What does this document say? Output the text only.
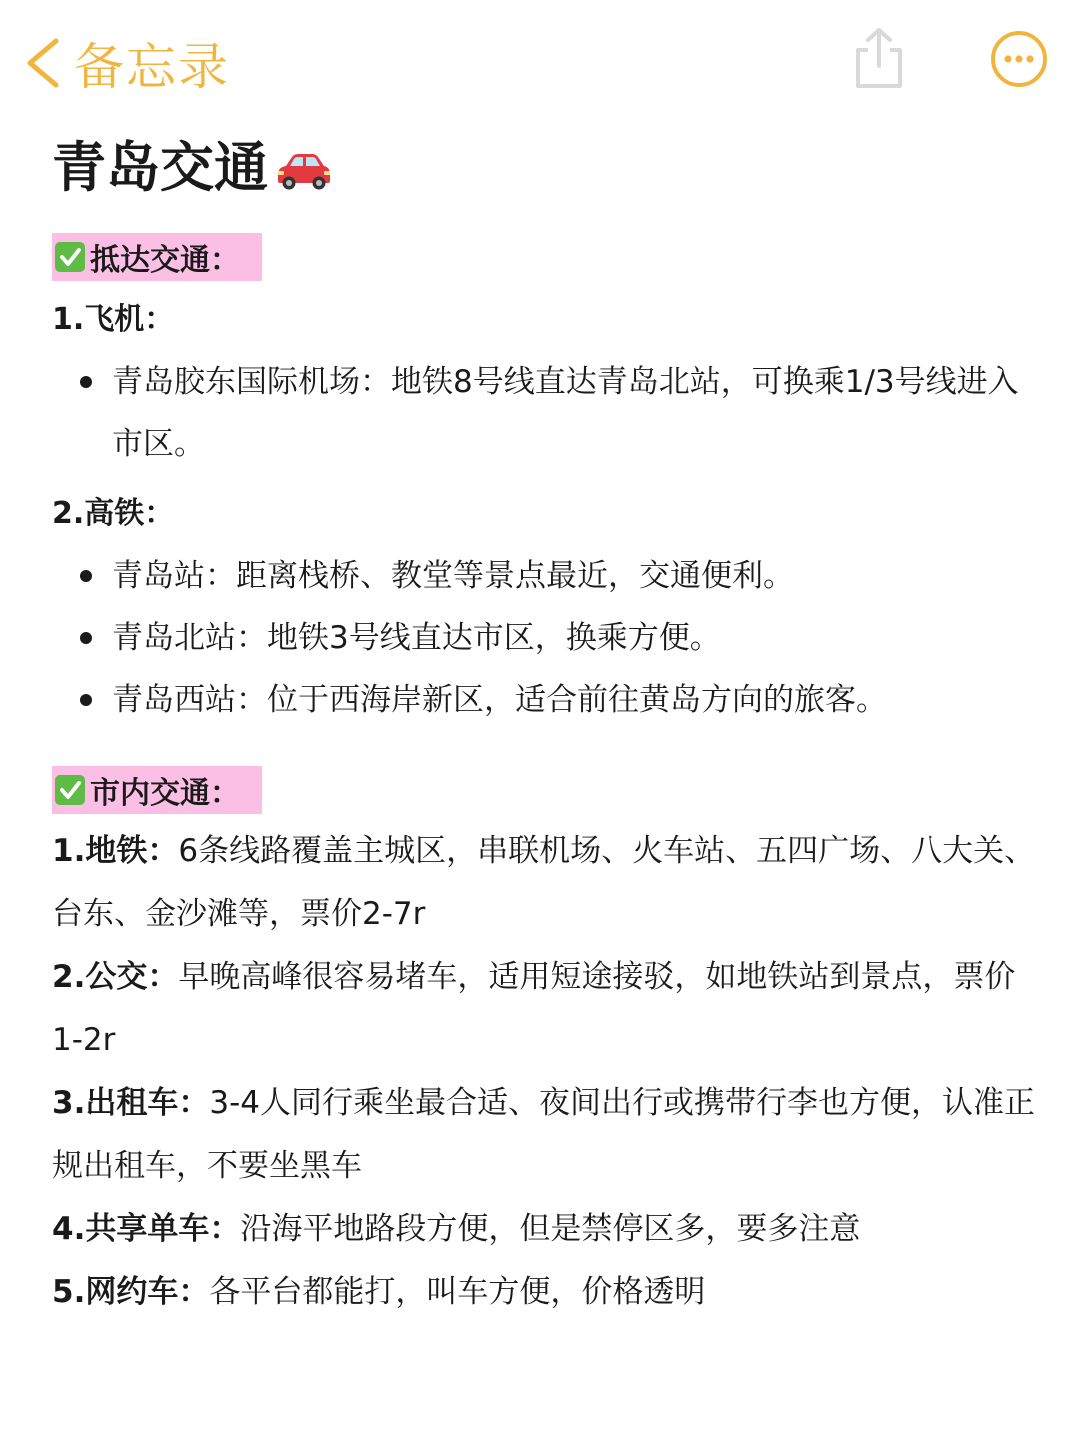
备忘录
青岛交通
抵达交通：
1.飞机：
青岛胶东国际机场：地铁8号线直达青岛北站，可换乘1/3号线进入市区。
2.高铁：
青岛站：距离栈桥、教堂等景点最近，交通便利。
青岛北站：地铁3号线直达市区，换乘方便。
青岛西站：位于西海岸新区，适合前往黄岛方向的旅客。
市内交通：
1.地铁：6条线路覆盖主城区，串联机场、火车站、五四广场、八大关、台东、金沙滩等，票价2-7r
2.公交：早晚高峰很容易堵车，适用短途接驳，如地铁站到景点，票价1-2r
3.出租车：3-4人同行乘坐最合适、夜间出行或携带行李也方便，认准正规出租车，不要坐黑车
4.共享单车：沿海平地路段方便，但是禁停区多，要多注意
5.网约车：各平台都能打，叫车方便，价格透明
